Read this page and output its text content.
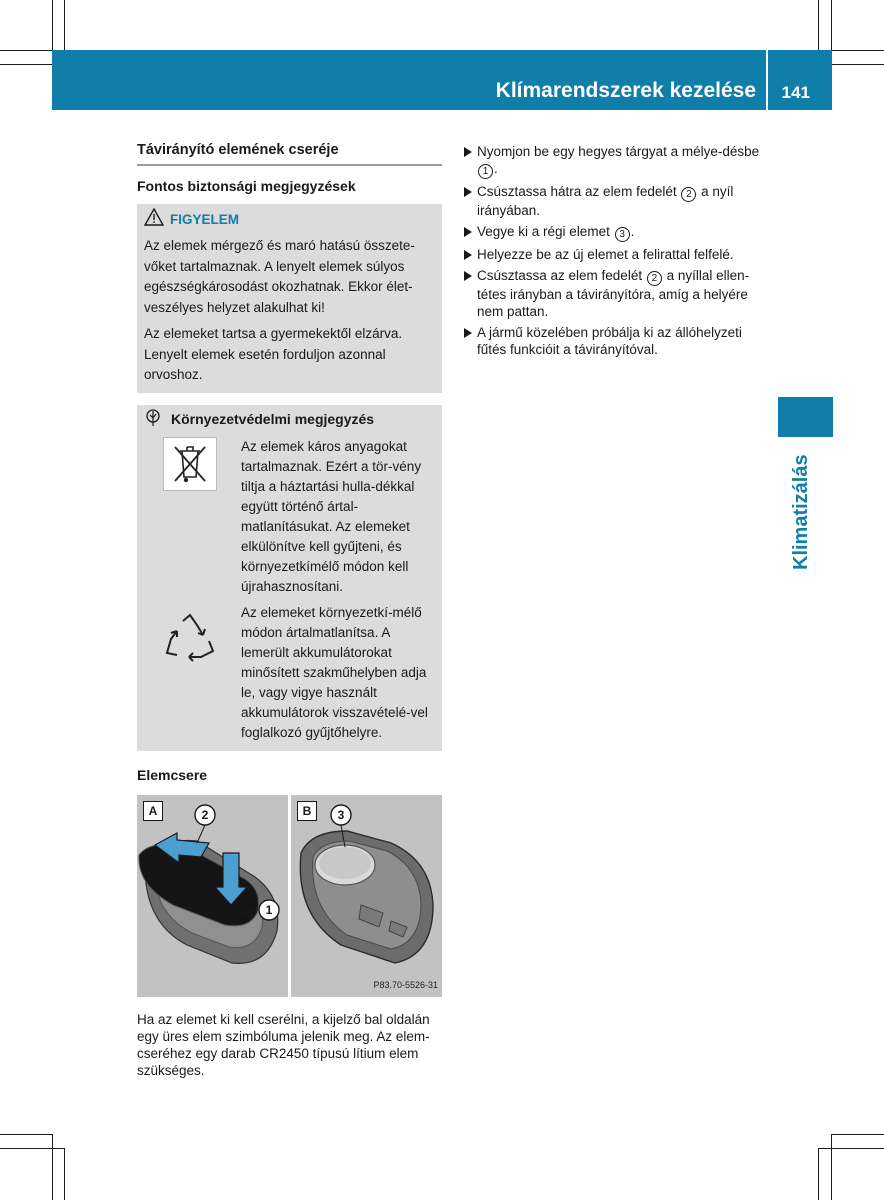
Klímarendszerek kezelése 141
Klimatizálás
Távirányító elemének cseréje
Fontos biztonsági megjegyzések
FIGYELEM

Az elemek mérgező és maró hatású összete-vőket tartalmaznak. A lenyelt elemek súlyos egészségkárosodást okozhatnak. Ekkor élet-veszélyes helyzet alakulhat ki!

Az elemeket tartsa a gyermekektől elzárva. Lenyelt elemek esetén forduljon azonnal orvoshoz.

Környezetvédelmi megjegyzés

Az elemek káros anyagokat tartalmaznak. Ezért a tör-vény tiltja a háztartási hulla-dékkal együtt történő ártal-matlanításukat. Az elemeket elkülönítve kell gyűjteni, és környezetkímélő módon kell újrahasznosítani.

Az elemeket környezetkí-mélő módon ártalmatlanítsa. A lemerült akkumulátorokat minősített szakműhelyben adja le, vagy vigye használt akkumulátorok visszavételé-vel foglalkozó gyűjtőhelyre.

Elemcsere
A	2
1
B	3
P83.70-5526-31
Ha az elemet ki kell cserélni, a kijelző bal oldalán egy üres elem szimbóluma jelenik meg. Az elem-cseréhez egy darab CR2450 típusú lítium elem szükséges.
Nyomjon be egy hegyes tárgyat a mélye-désbe 1 .
Csúsztassa hátra az elem fedelét 2 a nyíl irányában.
Vegye ki a régi elemet 3 .
Helyezze be az új elemet a felirattal felfelé.
Csúsztassa az elem fedelét 2 a nyíllal ellen-tétes irányban a távirányítóra, amíg a helyére nem pattan.
A jármű közelében próbálja ki az állóhelyzeti fűtés funkcióit a távirányítóval.
